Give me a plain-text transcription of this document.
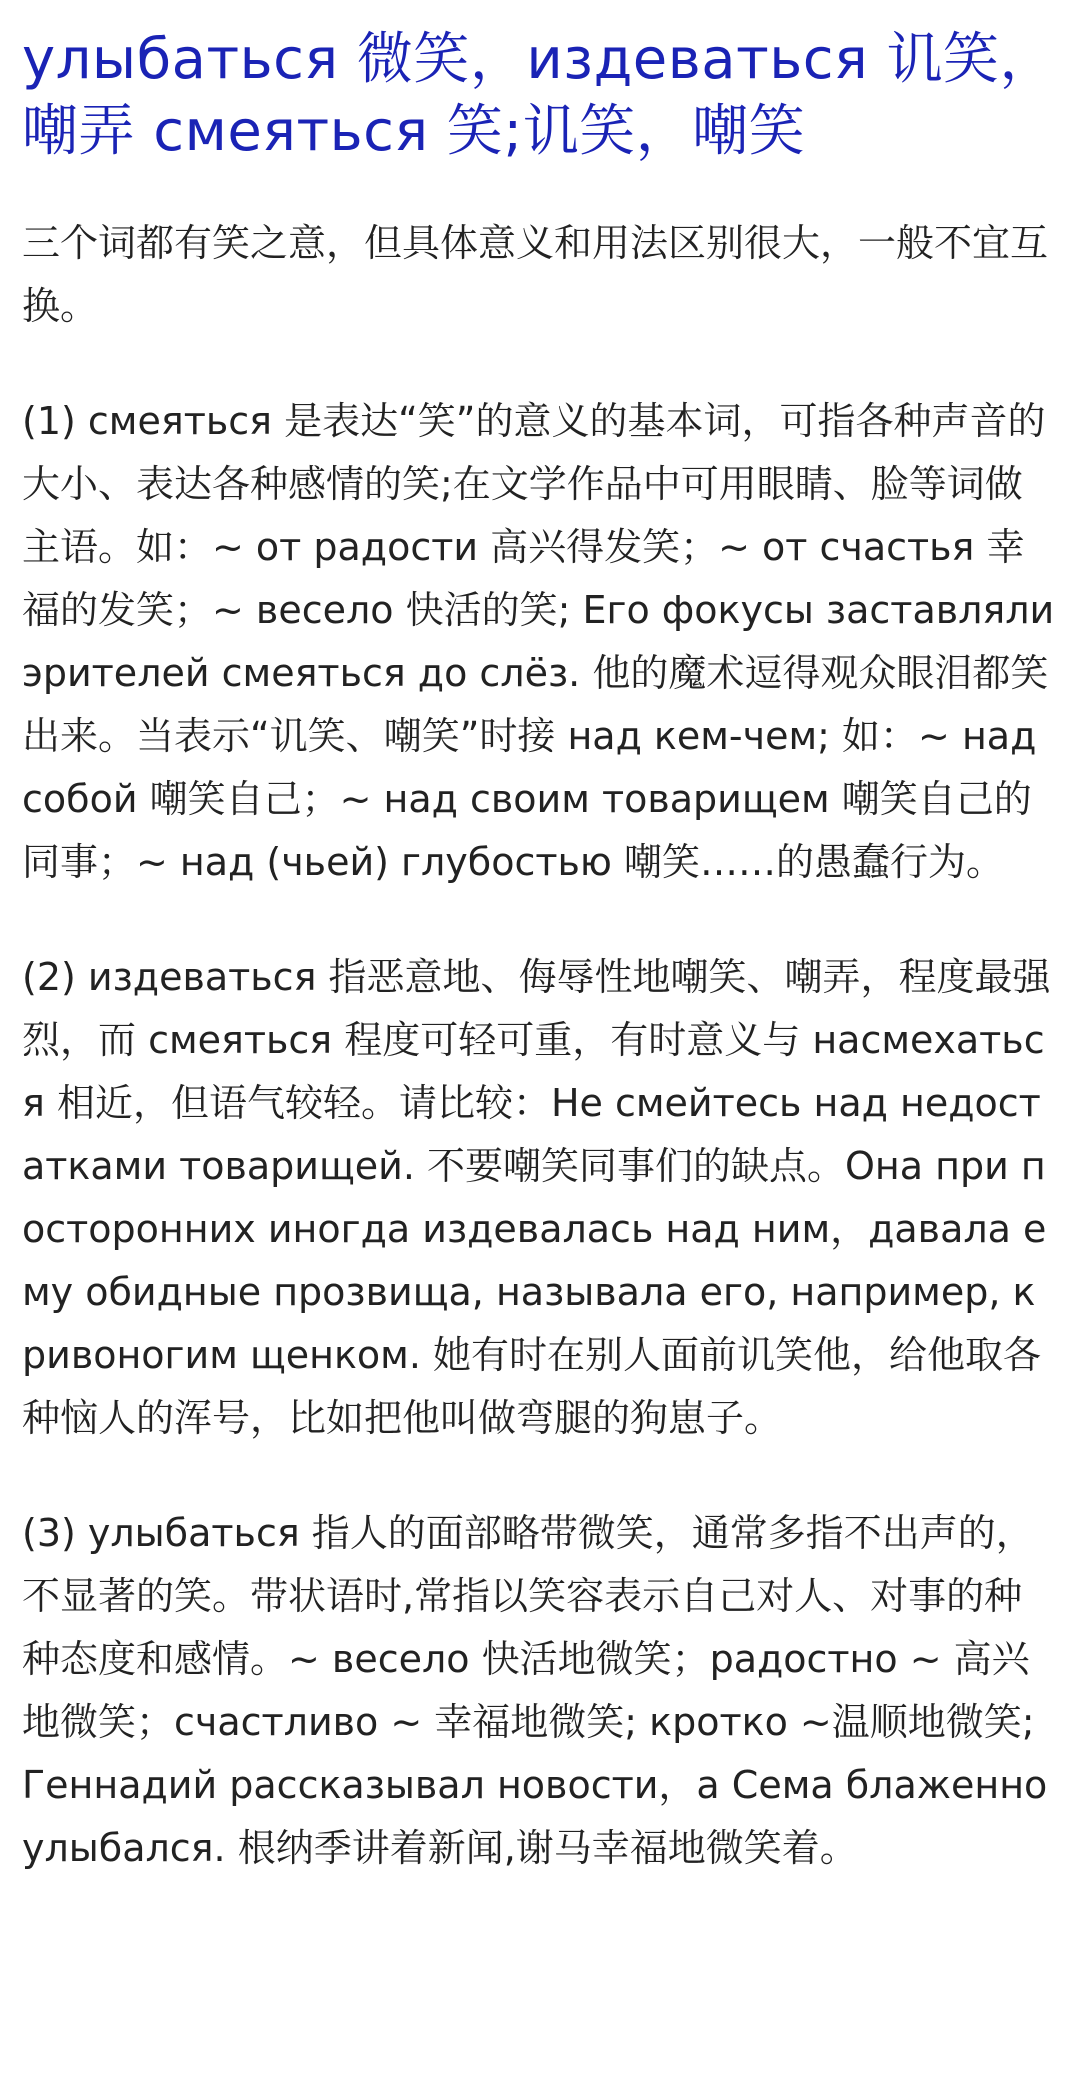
улыбаться 微笑，издеваться 讥笑，嘲弄 смеяться 笑;讥笑，嘲笑

三个词都有笑之意，但具体意义和用法区别很大，一般不宜互换。

(1) смеяться 是表达“笑”的意义的基本词，可指各种声音的大小、表达各种感情的笑;在文学作品中可用眼睛、脸等词做主语。如：~ от радости 高兴得发笑；~ от счастья 幸福的发笑；~ весело 快活的笑; Его фокусы заставляли эрителей смеяться до слёз. 他的魔术逗得观众眼泪都笑出来。当表示“讥笑、嘲笑”时接 над кем-чем; 如：~ над собой 嘲笑自己；~ над своим товарищем 嘲笑自己的同事；~ над (чьей) глубостью 嘲笑……的愚蠢行为。

(2) издеваться 指恶意地、侮辱性地嘲笑、嘲弄，程度最强烈，而 смеяться 程度可轻可重，有时意义与 насмехаться 相近，但语气较轻。请比较：Не смейтесь над недостатками товарищей. 不要嘲笑同事们的缺点。Она при посторонних иногда издевалась над ним，давала ему обидные прозвища, называла его, например, кривоногим щенком. 她有时在别人面前讥笑他，给他取各种恼人的浑号，比如把他叫做弯腿的狗崽子。

(3) улыбаться 指人的面部略带微笑，通常多指不出声的，不显著的笑。带状语时,常指以笑容表示自己对人、对事的种种态度和感情。~ весело 快活地微笑；радостно ~ 高兴地微笑；счастливо ~ 幸福地微笑; кротко ~温顺地微笑; Геннадий рассказывал новости，а Сема блаженно улыбался. 根纳季讲着新闻,谢马幸福地微笑着。
